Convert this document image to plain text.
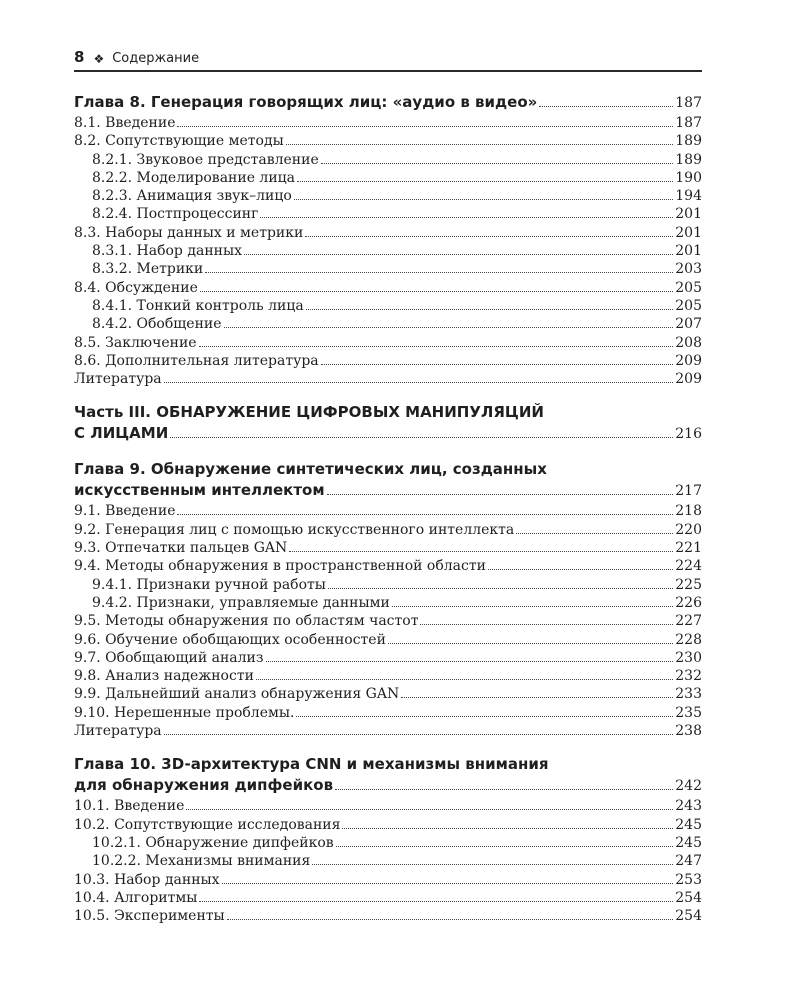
8 ❖ Содержание
Глава 8. Генерация говорящих лиц: «аудио в видео»	187
8.1. Введение	187
8.2. Сопутствующие методы	189
8.2.1. Звуковое представление	189
8.2.2. Моделирование лица	190
8.2.3. Анимация звук–лицо	194
8.2.4. Постпроцессинг	201
8.3. Наборы данных и метрики	201
8.3.1. Набор данных	201
8.3.2. Метрики	203
8.4. Обсуждение	205
8.4.1. Тонкий контроль лица	205
8.4.2. Обобщение	207
8.5. Заключение	208
8.6. Дополнительная литература	209
Литература	209
Часть III. ОБНАРУЖЕНИЕ ЦИФРОВЫХ МАНИПУЛЯЦИЙ
С ЛИЦАМИ	216
Глава 9. Обнаружение синтетических лиц, созданных
искусственным интеллектом	217
9.1. Введение	218
9.2. Генерация лиц с помощью искусственного интеллекта	220
9.3. Отпечатки пальцев GAN	221
9.4. Методы обнаружения в пространственной области	224
9.4.1. Признаки ручной работы	225
9.4.2. Признаки, управляемые данными	226
9.5. Методы обнаружения по областям частот	227
9.6. Обучение обобщающих особенностей	228
9.7. Обобщающий анализ	230
9.8. Анализ надежности	232
9.9. Дальнейший анализ обнаружения GAN	233
9.10. Нерешенные проблемы.	235
Литература	238
Глава 10. 3D-архитектура CNN и механизмы внимания
для обнаружения дипфейков	242
10.1. Введение	243
10.2. Сопутствующие исследования	245
10.2.1. Обнаружение дипфейков	245
10.2.2. Механизмы внимания	247
10.3. Набор данных	253
10.4. Алгоритмы	254
10.5. Эксперименты	254
